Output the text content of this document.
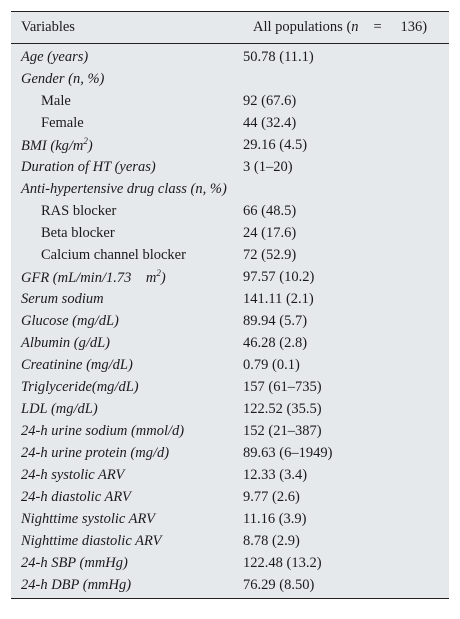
Variables	All populations (n = 136)
Age (years)	50.78 (11.1)
Gender (n, %)
Male	92 (67.6)
Female	44 (32.4)
BMI $(kg/m^2)$	29.16 (4.5)
Duration of HT (yeras)	3 (1–20)
Anti-hypertensive drug class (n, %)
RAS blocker	66 (48.5)
Beta blocker	24 (17.6)
Calcium channel blocker	72 (52.9)
GFR (mL/min/1.73    $m^2$)	97.57 (10.2)
Serum sodium	141.11 (2.1)
Glucose (mg/dL)	89.94 (5.7)
Albumin (g/dL)	46.28 (2.8)
Creatinine (mg/dL)	0.79 (0.1)
Triglyceride(mg/dL)	157 (61–735)
LDL (mg/dL)	122.52 (35.5)
24-h urine sodium (mmol/d)	152 (21–387)
24-h urine protein (mg/d)	89.63 (6–1949)
24-h systolic ARV	12.33 (3.4)
24-h diastolic ARV	9.77 (2.6)
Nighttime systolic ARV	11.16 (3.9)
Nighttime diastolic ARV	8.78 (2.9)
24-h SBP (mmHg)	122.48 (13.2)
24-h DBP (mmHg)	76.29 (8.50)
